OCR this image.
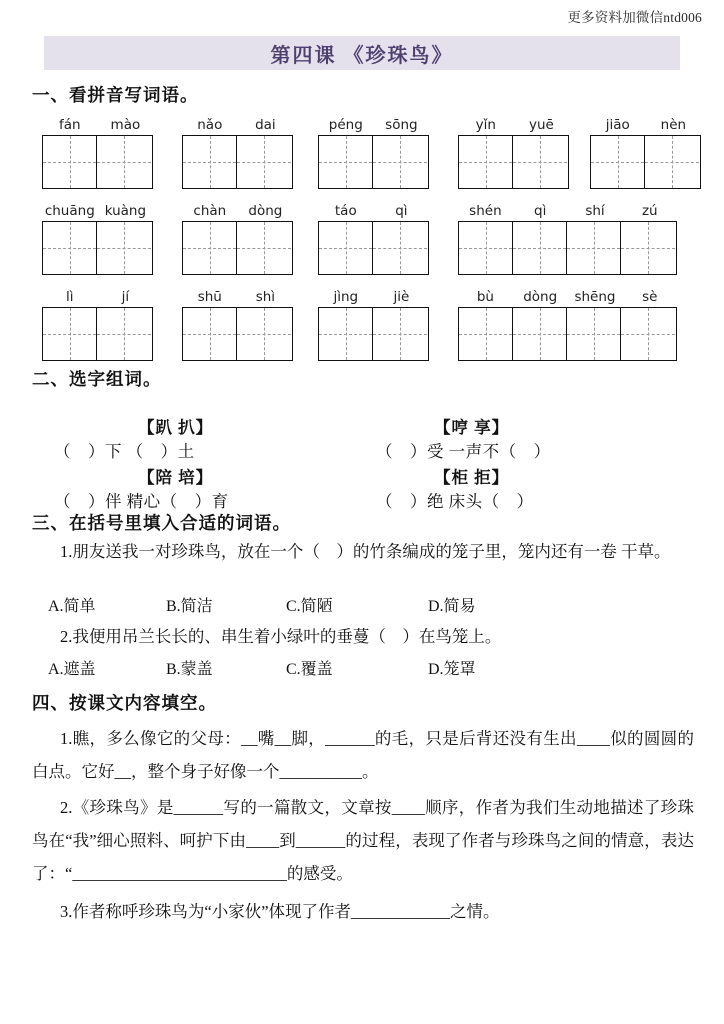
更多资料加微信ntd006
第四课 《珍珠鸟》
一、看拼音写词语。
fán	mào	nǎo	dai	péng	sōng	yǐn	yuē	jiāo	nèn
chuāng kuàng	chàn	dòng	táo	qì	shén	qì	shí	zú
lì	jí	shū	shì	jìng	jiè	bù	dòng	shēng	sè
二、选字组词。
【趴 扒】
（　）下 （　）土
【陪 培】
（　）伴 精心（　）育
【哼 享】
（　）受 一声不（　）
【柜 拒】
（　）绝 床头（　）
三、在括号里填入合适的词语。
1.朋友送我一对珍珠鸟，放在一个（　）的竹条编成的笼子里，笼内还有一卷 干草。
A.简单	B.简洁	C.简陋	D.简易
2.我便用吊兰长长的、串生着小绿叶的垂蔓（　）在鸟笼上。
A.遮盖	B.蒙盖	C.覆盖	D.笼罩
四、按课文内容填空。
1.瞧，多么像它的父母：__嘴__脚，______的毛，只是后背还没有生出____似的圆圆的白点。它好__，整个身子好像一个__________。
2.《珍珠鸟》是______写的一篇散文，文章按____顺序，作者为我们生动地描述了珍珠鸟在“我”细心照料、呵护下由____到______的过程，表现了作者与珍珠鸟之间的情意，表达了：“__________________________的感受。
3.作者称呼珍珠鸟为“小家伙”体现了作者____________之情。
